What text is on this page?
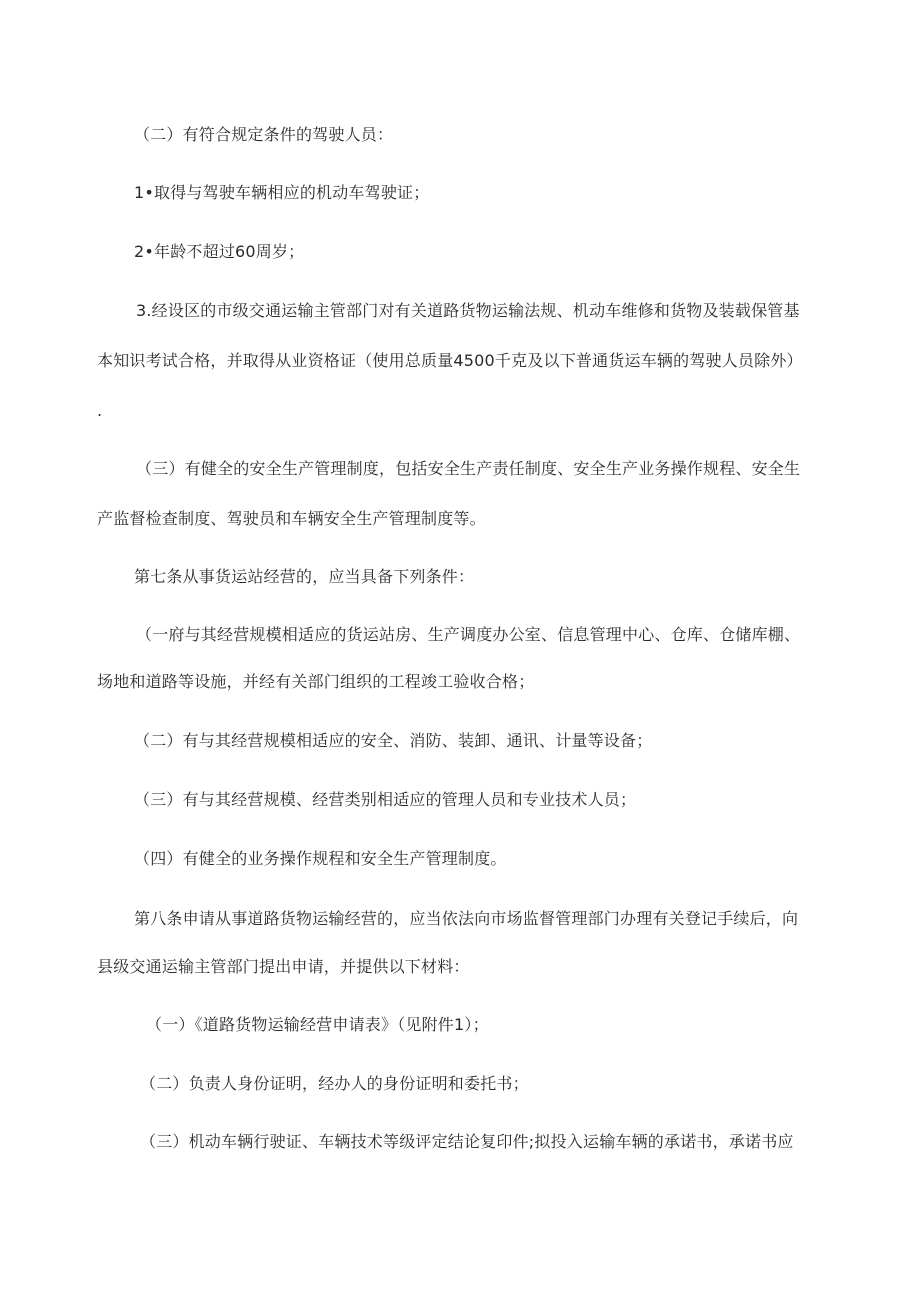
（二）有符合规定条件的驾驶人员：
1•取得与驾驶车辆相应的机动车驾驶证；
2•年龄不超过60周岁；
3.经设区的市级交通运输主管部门对有关道路货物运输法规、机动车维修和货物及装载保管基
本知识考试合格，并取得从业资格证（使用总质量4500千克及以下普通货运车辆的驾驶人员除外）
.
（三）有健全的安全生产管理制度，包括安全生产责任制度、安全生产业务操作规程、安全生
产监督检查制度、驾驶员和车辆安全生产管理制度等。
第七条从事货运站经营的，应当具备下列条件：
（一府与其经营规模相适应的货运站房、生产调度办公室、信息管理中心、仓库、仓储库棚、
场地和道路等设施，并经有关部门组织的工程竣工验收合格；
（二）有与其经营规模相适应的安全、消防、装卸、通讯、计量等设备；
（三）有与其经营规模、经营类别相适应的管理人员和专业技术人员；
（四）有健全的业务操作规程和安全生产管理制度。
第八条申请从事道路货物运输经营的，应当依法向市场监督管理部门办理有关登记手续后，向
县级交通运输主管部门提出申请，并提供以下材料：
（一）《道路货物运输经营申请表》（见附件1）；
（二）负责人身份证明，经办人的身份证明和委托书；
（三）机动车辆行驶证、车辆技术等级评定结论复印件;拟投入运输车辆的承诺书，承诺书应
